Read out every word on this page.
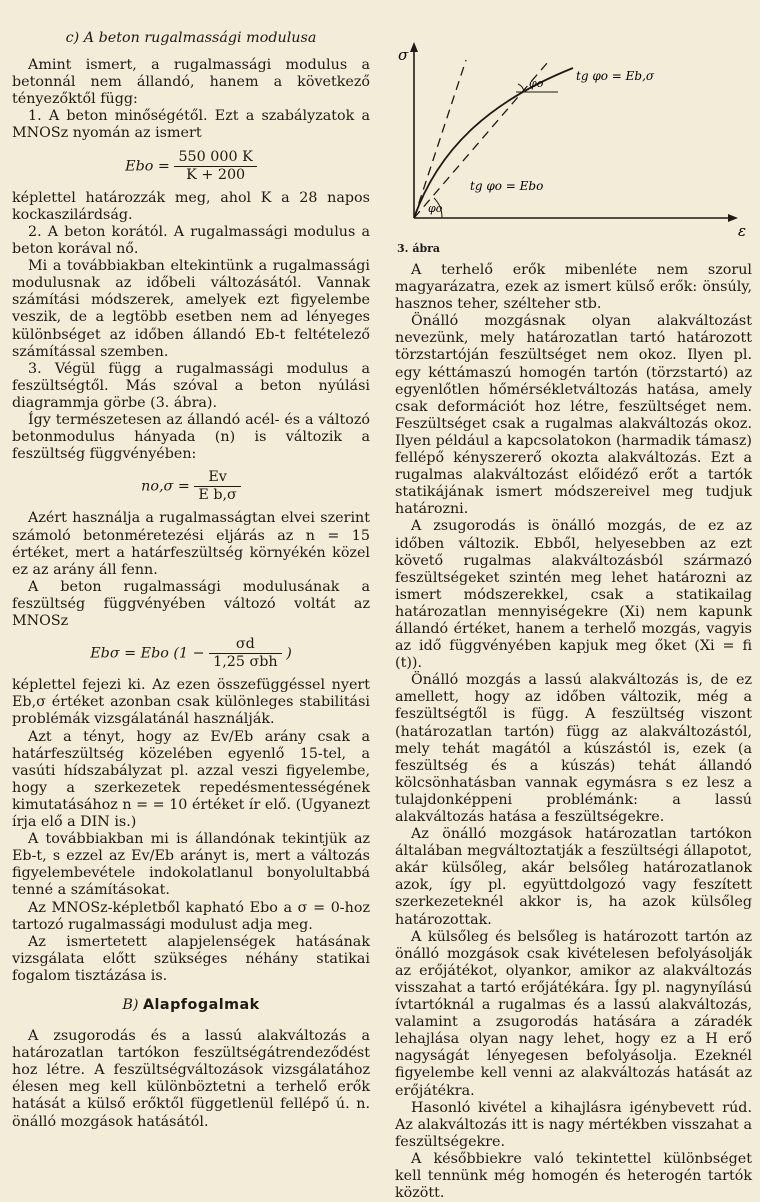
c) A beton rugalmassági modulusa

Amint ismert, a rugalmassági modulus a betonnál nem állandó, hanem a következő tényezőktől függ:

1. A beton minőségétől. Ezt a szabályzatok a MNOSz nyomán az ismert

Ebo = $\frac{550 000 K}{K + 200}$

képlettel határozzák meg, ahol K a 28 napos kockaszilárdság.

2. A beton korától. A rugalmassági modulus a beton korával nő.

Mi a továbbiakban eltekintünk a rugalmassági modulusnak az időbeli változásától. Vannak számítási módszerek, amelyek ezt figyelembe veszik, de a legtöbb esetben nem ad lényeges különbséget az időben állandó Eb-t feltételező számítással szemben.

3. Végül függ a rugalmassági modulus a feszültségtől. Más szóval a beton nyúlási diagrammja görbe (3. ábra).

Így természetesen az állandó acél- és a változó betonmodulus hányada (n) is változik a feszültség függvényében:

$no,\sigma = \frac{Ev}{\text{E b,σ}}$

Azért használja a rugalmasságtan elvei szerint számoló betonméretezési eljárás az n = 15 értéket, mert a határfeszültség környékén közel ez az arány áll fenn.

A beton rugalmassági modulusának a feszültség függvényében változó voltát az MNOSz

Ebσ = Ebo ($1 - \frac{\sigma d}{\text{1,25 σbh}}$ )

képlettel fejezi ki. Az ezen összefüggéssel nyert Eb,σ értéket azonban csak különleges stabilitási problémák vizsgálatánál használják.

Azt a tényt, hogy az Ev/Eb arány csak a határfeszültség közelében egyenlő 15-tel, a vasúti hídszabályzat pl. azzal veszi figyelembe, hogy a szerkezetek repedésmentességének kimutatásához n = = 10 értéket ír elő. (Ugyanezt írja elő a DIN is.)

A továbbiakban mi is állandónak tekintjük az Eb-t, s ezzel az Ev/Eb arányt is, mert a változás figyelembevétele indokolatlanul bonyolultabbá tenné a számításokat.

Az MNOSz-képletből kapható Ebo a σ = 0-hoz tartozó rugalmassági modulust adja meg.

Az ismertetett alapjelenségek hatásának vizsgálata előtt szükséges néhány statikai fogalom tisztázása is.

B) Alapfogalmak

A zsugorodás és a lassú alakváltozás a határozatlan tartókon feszültségátrendeződést hoz létre. A feszültségváltozások vizsgálatához élesen meg kell különböztetni a terhelő erők hatását a külső erőktől függetlenül fellépő ú. n. önálló mozgások hatásától.

σ
ε
φo
φo
tg φo = Eb,σ
tg φo = Ebo
3. ábra

A terhelő erők mibenléte nem szorul magyarázatra, ezek az ismert külső erők: önsúly, hasznos teher, szélteher stb.

Önálló mozgásnak olyan alakváltozást nevezünk, mely határozatlan tartó határozott törzstartóján feszültséget nem okoz. Ilyen pl. egy kéttámaszú homogén tartón (törzstartó) az egyenlőtlen hőmérsékletváltozás hatása, amely csak deformációt hoz létre, feszültséget nem. Feszültséget csak a rugalmas alakváltozás okoz. Ilyen például a kapcsolatokon (harmadik támasz) fellépő kényszererő okozta alakváltozás. Ezt a rugalmas alakváltozást előidéző erőt a tartók statikájának ismert módszereivel meg tudjuk határozni.

A zsugorodás is önálló mozgás, de ez az időben változik. Ebből, helyesebben az ezt követő rugalmas alakváltozásból származó feszültségeket szintén meg lehet határozni az ismert módszerekkel, csak a statikailag határozatlan mennyiségekre (Xi) nem kapunk állandó értéket, hanem a terhelő mozgás, vagyis az idő függvényében kapjuk meg őket (Xi = fi (t)).

Önálló mozgás a lassú alakváltozás is, de ez amellett, hogy az időben változik, még a feszültségtől is függ. A feszültség viszont (határozatlan tartón) függ az alakváltozástól, mely tehát magától a kúszástól is, ezek (a feszültség és a kúszás) tehát állandó kölcsönhatásban vannak egymásra s ez lesz a tulajdonképpeni problémánk: a lassú alakváltozás hatása a feszültségekre.

Az önálló mozgások határozatlan tartókon általában megváltoztatják a feszültségi állapotot, akár külsőleg, akár belsőleg határozatlanok azok, így pl. együttdolgozó vagy feszített szerkezeteknél akkor is, ha azok külsőleg határozottak.

A külsőleg és belsőleg is határozott tartón az önálló mozgások csak kivételesen befolyásolják az erőjátékot, olyankor, amikor az alakváltozás visszahat a tartó erőjátékára. Így pl. nagynyílású ívtartóknál a rugalmas és a lassú alakváltozás, valamint a zsugorodás hatására a záradék lehajlása olyan nagy lehet, hogy ez a H erő nagyságát lényegesen befolyásolja. Ezeknél figyelembe kell venni az alakváltozás hatását az erőjátékra.

Hasonló kivétel a kihajlásra igénybevett rúd. Az alakváltozás itt is nagy mértékben visszahat a feszültségekre.

A későbbiekre való tekintettel különbséget kell tennünk még homogén és heterogén tartók között.
